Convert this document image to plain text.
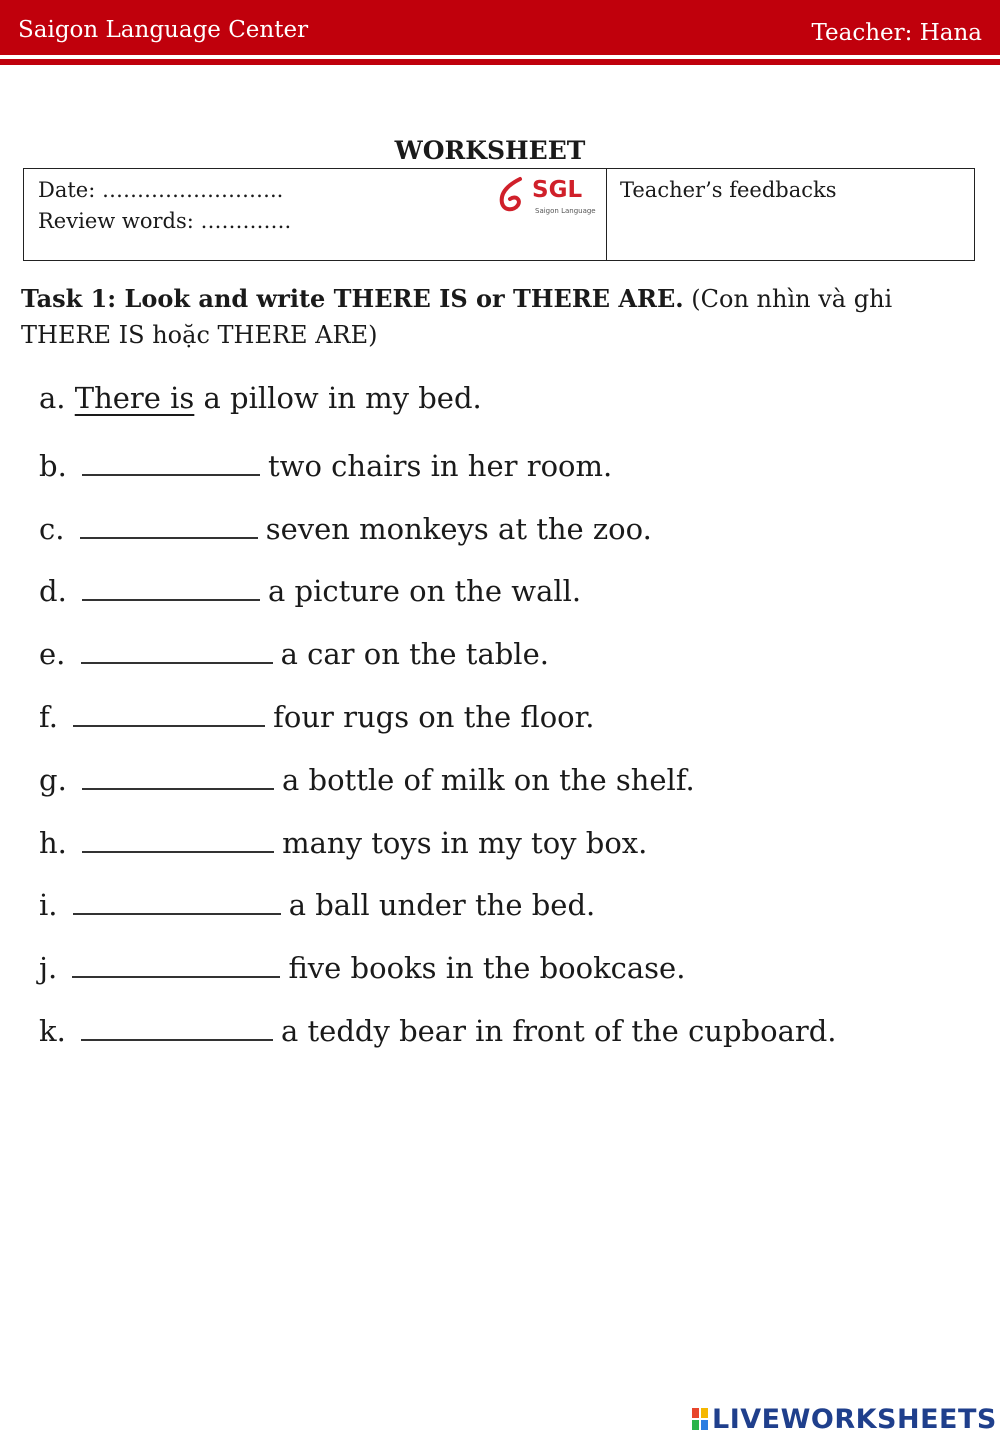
Saigon Language Center	Teacher: Hana
WORKSHEET
Date: ……………………..
Review words: ………….
SGL
Saigon Language
Teacher’s feedbacks
Task 1: Look and write THERE IS or THERE ARE. (Con nhìn và ghi THERE IS hoặc THERE ARE)
a. There is a pillow in my bed.
b.	two chairs in her room.
c.	seven monkeys at the zoo.
d.	a picture on the wall.
e.	a car on the table.
f.	four rugs on the floor.
g.	a bottle of milk on the shelf.
h.	many toys in my toy box.
i.	a ball under the bed.
j.	five books in the bookcase.
k.	a teddy bear in front of the cupboard.
LIVEWORKSHEETS
